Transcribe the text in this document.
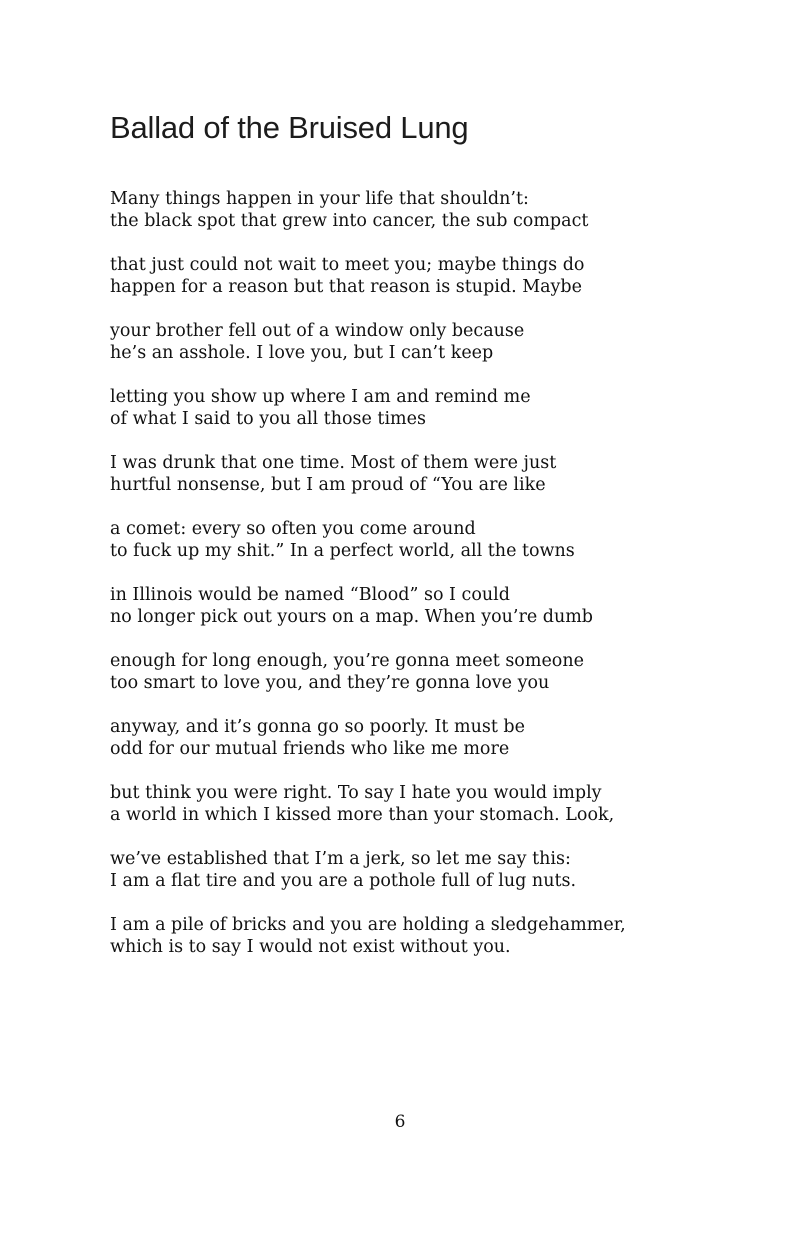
Ballad of the Bruised Lung

Many things happen in your life that shouldn’t:
the black spot that grew into cancer, the sub compact

that just could not wait to meet you; maybe things do
happen for a reason but that reason is stupid. Maybe

your brother fell out of a window only because
he’s an asshole. I love you, but I can’t keep

letting you show up where I am and remind me
of what I said to you all those times

I was drunk that one time. Most of them were just
hurtful nonsense, but I am proud of “You are like

a comet: every so often you come around
to fuck up my shit.” In a perfect world, all the towns

in Illinois would be named “Blood” so I could
no longer pick out yours on a map. When you’re dumb

enough for long enough, you’re gonna meet someone
too smart to love you, and they’re gonna love you

anyway, and it’s gonna go so poorly. It must be
odd for our mutual friends who like me more

but think you were right. To say I hate you would imply
a world in which I kissed more than your stomach. Look,

we’ve established that I’m a jerk, so let me say this:
I am a flat tire and you are a pothole full of lug nuts.

I am a pile of bricks and you are holding a sledgehammer,
which is to say I would not exist without you.

6
